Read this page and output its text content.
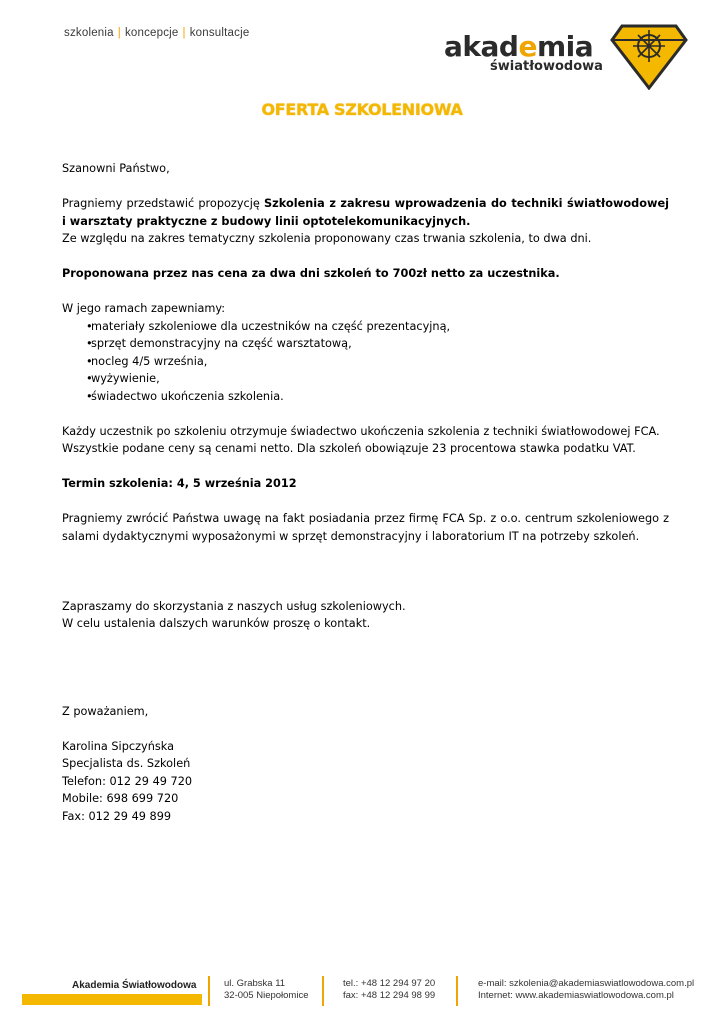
szkolenia | koncepcje | konsultacje	akademia
światłowodowa
OFERTA SZKOLENIOWA

Szanowni Państwo,

Pragniemy przedstawić propozycję Szkolenia z zakresu wprowadzenia do techniki światłowodowej i warsztaty praktyczne z budowy linii optotelekomunikacyjnych.

Ze względu na zakres tematyczny szkolenia proponowany czas trwania szkolenia, to dwa dni.

Proponowana przez nas cena za dwa dni szkoleń to 700zł netto za uczestnika.

W jego ramach zapewniamy:

• materiały szkoleniowe dla uczestników na część prezentacyjną,
• sprzęt demonstracyjny na część warsztatową,
• nocleg 4/5 września,
• wyżywienie,
• świadectwo ukończenia szkolenia.

Każdy uczestnik po szkoleniu otrzymuje świadectwo ukończenia szkolenia z techniki światłowodowej FCA.

Wszystkie podane ceny są cenami netto. Dla szkoleń obowiązuje 23 procentowa stawka podatku VAT.

Termin szkolenia: 4, 5 września 2012

Pragniemy zwrócić Państwa uwagę na fakt posiadania przez firmę FCA Sp. z o.o. centrum szkoleniowego z salami dydaktycznymi wyposażonymi w sprzęt demonstracyjny i laboratorium IT na potrzeby szkoleń.

Zapraszamy do skorzystania z naszych usług szkoleniowych.

W celu ustalenia dalszych warunków proszę o kontakt.

Z poważaniem,

Karolina Sipczyńska

Specjalista ds. Szkoleń

Telefon: 012 29 49 720

Mobile: 698 699 720

Fax: 012 29 49 899

Akademia Światłowodowa	ul. Grabska 11
32-005 Niepołomice
tel.: +48 12 294 97 20
fax: +48 12 294 98 99
e-mail: szkolenia@akademiaswiatlowodowa.com.pl
Internet: www.akademiaswiatlowodowa.com.pl
